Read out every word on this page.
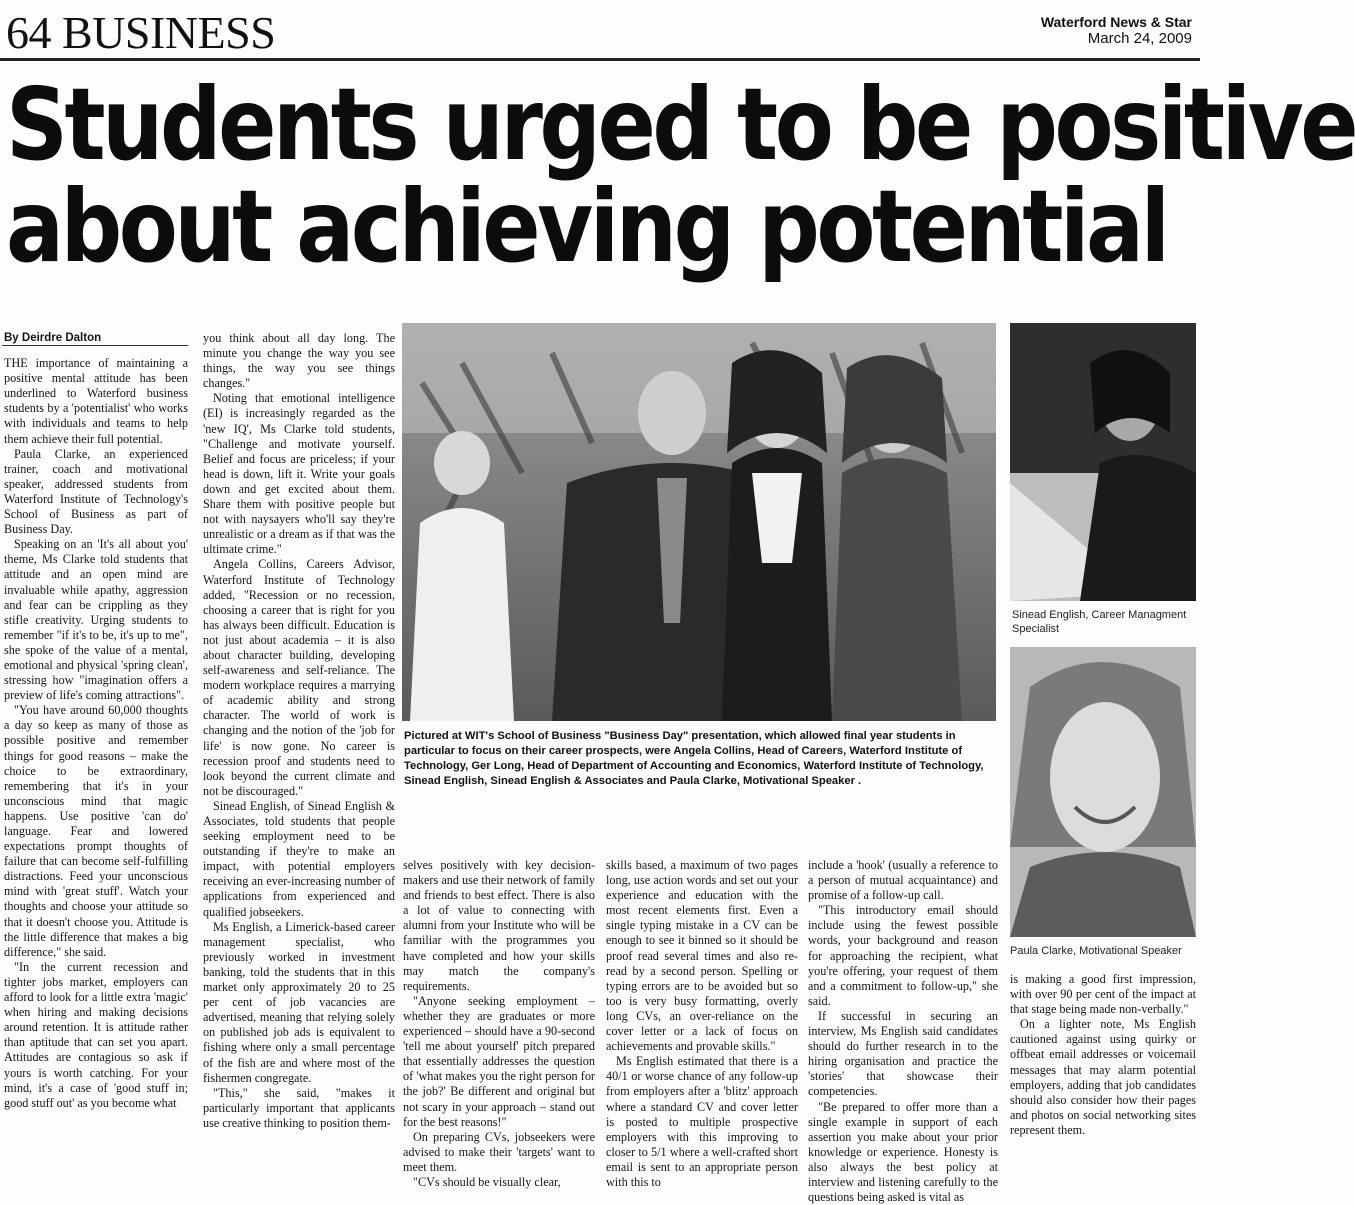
64 BUSINESS	Waterford News & Star
March 24, 2009
Students urged to be positive
about achieving potential

By Deirdre Dalton

THE importance of maintaining a positive mental attitude has been underlined to Waterford business students by a 'potentialist' who works with individuals and teams to help them achieve their full potential.

Paula Clarke, an experienced trainer, coach and motivational speaker, addressed students from Waterford Institute of Technology's School of Business as part of Business Day.

Speaking on an 'It's all about you' theme, Ms Clarke told students that attitude and an open mind are invaluable while apathy, aggression and fear can be crippling as they stifle creativity. Urging students to remember "if it's to be, it's up to me", she spoke of the value of a mental, emotional and physical 'spring clean', stressing how "imagination offers a preview of life's coming attractions".

"You have around 60,000 thoughts a day so keep as many of those as possible positive and remember things for good reasons – make the choice to be extraordinary, remembering that it's in your unconscious mind that magic happens. Use positive 'can do' language. Fear and lowered expectations prompt thoughts of failure that can become self-fulfilling distractions. Feed your unconscious mind with 'great stuff'. Watch your thoughts and choose your attitude so that it doesn't choose you. Attitude is the little difference that makes a big difference," she said.

"In the current recession and tighter jobs market, employers can afford to look for a little extra 'magic' when hiring and making decisions around retention. It is attitude rather than aptitude that can set you apart. Attitudes are contagious so ask if yours is worth catching. For your mind, it's a case of 'good stuff in; good stuff out' as you become what

you think about all day long. The minute you change the way you see things, the way you see things changes."

Noting that emotional intelligence (EI) is increasingly regarded as the 'new IQ', Ms Clarke told students, "Challenge and motivate yourself. Belief and focus are priceless; if your head is down, lift it. Write your goals down and get excited about them. Share them with positive people but not with naysayers who'll say they're unrealistic or a dream as if that was the ultimate crime."

Angela Collins, Careers Advisor, Waterford Institute of Technology added, "Recession or no recession, choosing a career that is right for you has always been difficult. Education is not just about academia – it is also about character building, developing self-awareness and self-reliance. The modern workplace requires a marrying of academic ability and strong character. The world of work is changing and the notion of the 'job for life' is now gone. No career is recession proof and students need to look beyond the current climate and not be discouraged."

Sinead English, of Sinead English & Associates, told students that people seeking employment need to be outstanding if they're to make an impact, with potential employers receiving an ever-increasing number of applications from experienced and qualified jobseekers.

Ms English, a Limerick-based career management specialist, who previously worked in investment banking, told the students that in this market only approximately 20 to 25 per cent of job vacancies are advertised, meaning that relying solely on published job ads is equivalent to fishing where only a small percentage of the fish are and where most of the fishermen congregate.

"This," she said, "makes it particularly important that applicants use creative thinking to position them-

Pictured at WIT's School of Business "Business Day" presentation, which allowed final year students in particular to focus on their career prospects, were Angela Collins, Head of Careers, Waterford Institute of Technology, Ger Long, Head of Department of Accounting and Economics, Waterford Institute of Technology, Sinead English, Sinead English & Associates and Paula Clarke, Motivational Speaker .
Sinead English, Career Managment Specialist
Paula Clarke, Motivational Speaker

selves positively with key decision-makers and use their network of family and friends to best effect. There is also a lot of value to connecting with alumni from your Institute who will be familiar with the programmes you have completed and how your skills may match the company's requirements.

"Anyone seeking employment – whether they are graduates or more experienced – should have a 90-second 'tell me about yourself' pitch prepared that essentially addresses the question of 'what makes you the right person for the job?' Be different and original but not scary in your approach – stand out for the best reasons!"

On preparing CVs, jobseekers were advised to make their 'targets' want to meet them.

"CVs should be visually clear,

skills based, a maximum of two pages long, use action words and set out your experience and education with the most recent elements first. Even a single typing mistake in a CV can be enough to see it binned so it should be proof read several times and also re-read by a second person. Spelling or typing errors are to be avoided but so too is very busy formatting, overly long CVs, an over-reliance on the cover letter or a lack of focus on achievements and provable skills."

Ms English estimated that there is a 40/1 or worse chance of any follow-up from employers after a 'blitz' approach where a standard CV and cover letter is posted to multiple prospective employers with this improving to closer to 5/1 where a well-crafted short email is sent to an appropriate person with this to

include a 'hook' (usually a reference to a person of mutual acquaintance) and promise of a follow-up call.

"This introductory email should include using the fewest possible words, your background and reason for approaching the recipient, what you're offering, your request of them and a commitment to follow-up," she said.

If successful in securing an interview, Ms English said candidates should do further research in to the hiring organisation and practice the 'stories' that showcase their competencies.

"Be prepared to offer more than a single example in support of each assertion you make about your prior knowledge or experience. Honesty is also always the best policy at interview and listening carefully to the questions being asked is vital as

is making a good first impression, with over 90 per cent of the impact at that stage being made non-verbally."

On a lighter note, Ms English cautioned against using quirky or offbeat email addresses or voicemail messages that may alarm potential employers, adding that job candidates should also consider how their pages and photos on social networking sites represent them.
